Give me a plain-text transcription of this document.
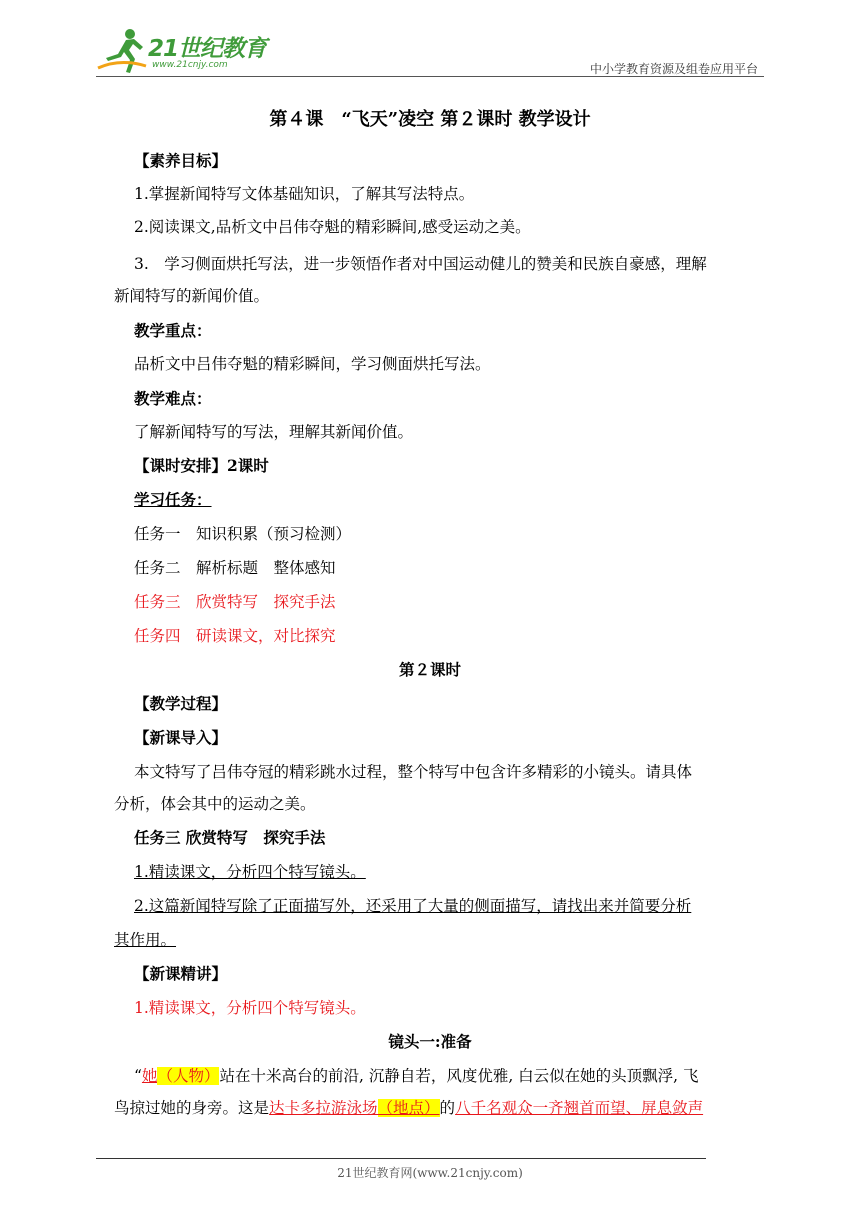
21世纪教育
www.21cnjy.com	中小学教育资源及组卷应用平台
第４课　“飞天”凌空 第２课时 教学设计
【素养目标】
1.掌握新闻特写文体基础知识，了解其写法特点。
2.阅读课文,品析文中吕伟夺魁的精彩瞬间,感受运动之美。
3.　学习侧面烘托写法，进一步领悟作者对中国运动健儿的赞美和民族自豪感，理解
新闻特写的新闻价值。
教学重点：
品析文中吕伟夺魁的精彩瞬间，学习侧面烘托写法。
教学难点：
了解新闻特写的写法，理解其新闻价值。
【课时安排】2课时
学习任务：
任务一　知识积累（预习检测）
任务二　解析标题　整体感知
任务三　欣赏特写　探究手法
任务四　研读课文，对比探究
第２课时
【教学过程】
【新课导入】
本文特写了吕伟夺冠的精彩跳水过程，整个特写中包含许多精彩的小镜头。请具体
分析，体会其中的运动之美。
任务三 欣赏特写　探究手法
1.精读课文，分析四个特写镜头。
2.这篇新闻特写除了正面描写外，还采用了大量的侧面描写，请找出来并简要分析
其作用。
【新课精讲】
1.精读课文，分析四个特写镜头。
镜头一:准备
“她（人物）站在十米高台的前沿, 沉静自若，风度优雅, 白云似在她的头顶飘浮, 飞
鸟掠过她的身旁。这是达卡多拉游泳场（地点）的八千名观众一齐翘首而望、屏息敛声
21世纪教育网(www.21cnjy.com)
